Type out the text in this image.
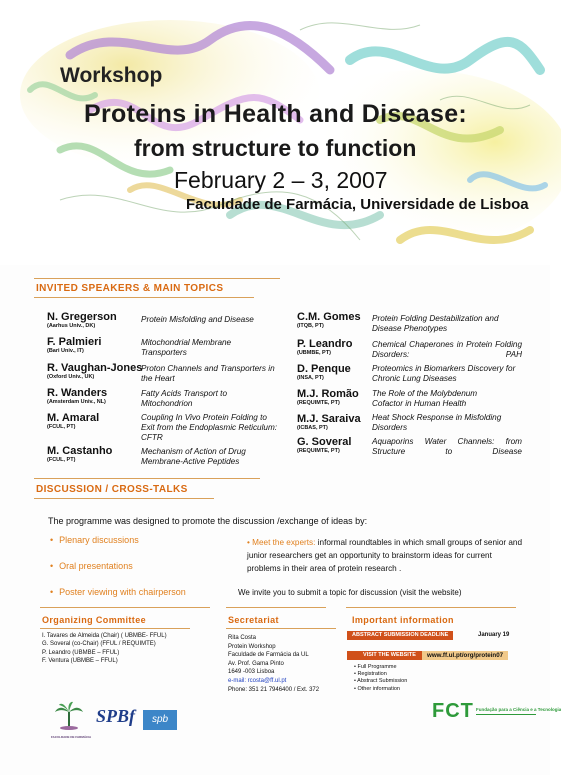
Workshop
Proteins in Health and Disease:
from structure to function
February 2 – 3, 2007
Faculdade de Farmácia, Universidade de Lisboa
INVITED SPEAKERS & MAIN TOPICS
N. Gregerson
(Aarhus Univ., DK)
Protein Misfolding and Disease
F. Palmieri
(Bari Univ., IT)
Mitochondrial Membrane Transporters
R. Vaughan-Jones
(Oxford Univ., UK)
Proton Channels and Transporters in the Heart
R. Wanders
(Amsterdam Univ., NL)
Fatty Acids Transport to Mitochondrion
M. Amaral
(FCUL, PT)
Coupling In Vivo Protein Folding to Exit from the Endoplasmic Reticulum: CFTR
M. Castanho
(FCUL, PT)
Mechanism of Action of Drug Membrane-Active Peptides
C.M. Gomes
(ITQB, PT)
Protein Folding Destabilization and Disease Phenotypes
P. Leandro
(UBMBE, PT)
Chemical Chaperones in Protein Folding Disorders: PAH
D. Penque
(INSA, PT)
Proteomics in Biomarkers Discovery for Chronic Lung Diseases
M.J. Romão
(REQUIMTE, PT)
The Role of the Molybdenum Cofactor in Human Health
M.J. Saraiva
(ICBAS, PT)
Heat Shock Response in Misfolding Disorders
G. Soveral
(REQUIMTE, PT)
Aquaporins Water Channels: from Structure to Disease
DISCUSSION / CROSS-TALKS
The programme was designed to promote the discussion /exchange of ideas by:
• Plenary discussions
• Oral presentations
• Poster viewing with chairperson
• Meet the experts: informal roundtables in which small groups of senior and junior researchers get an opportunity to brainstorm ideas for current problems in their area of protein research .
We invite you to submit a topic for discussion (visit the website)
Organizing Committee
I. Tavares de Almeida (Chair) ( UBMBE- FFUL)
G. Soveral (co-Chair) (FFUL / REQUIMTE)
P. Leandro (UBMBE – FFUL)
F. Ventura (UBMBE – FFUL)
Secretariat
Rita Costa
Protein Workshop
Faculdade de Farmácia da UL
Av. Prof. Gama Pinto
1649 -003 Lisboa
e-mail: rcosta@ff.ul.pt
Phone: 351 21 7946400 / Ext. 372
Important information
ABSTRACT SUBMISSION DEADLINE	January 19
VISIT THE WEBSITE	www.ff.ul.pt/org/protein07
• Full Programme
• Registration
• Abstract Submission
• Other information
FACULDADE DE FARMÁCIA
SPBf	spb	FCT Fundação para a Ciência e a Tecnologia
